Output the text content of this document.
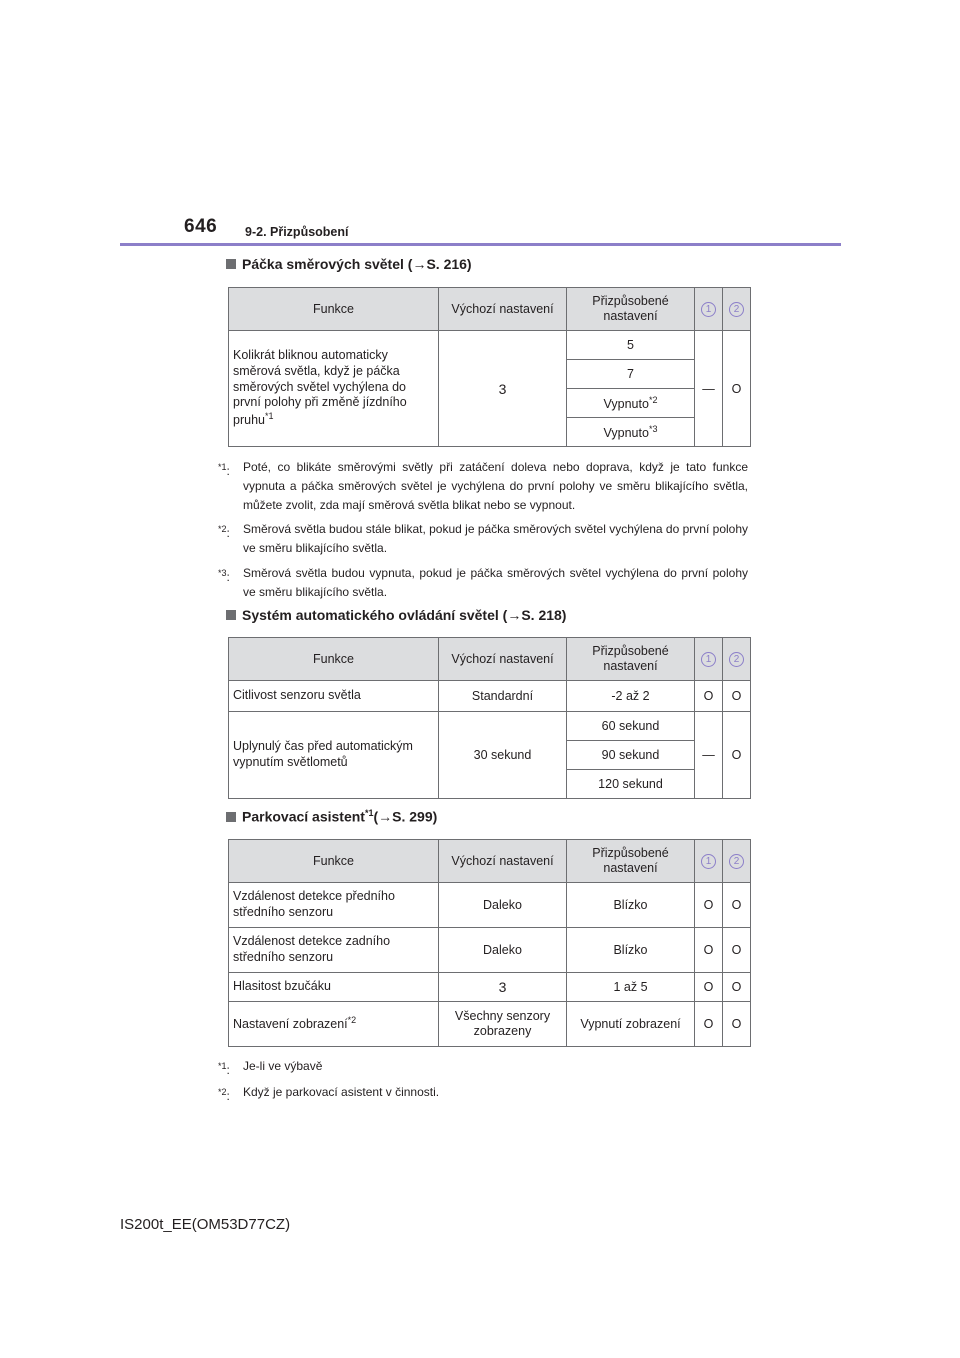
646 9-2. Přizpůsobení
Páčka směrových světel (→S. 216)
Funkce	Výchozí nastavení	Přizpůsobené nastavení	1	2
Kolikrát bliknou automaticky směrová světla, když je páčka směrových světel vychýlena do první polohy při změně jízdního pruhu$^{*1}$	3	5	—	O
		7		
		Vypnuto$^{*2}$
		Vypnuto$^{*3}$
$^{*1}$: Poté, co blikáte směrovými světly při zatáčení doleva nebo doprava, když je tato funkce vypnuta a páčka směrových světel je vychýlena do první polohy ve směru blikajícího světla, můžete zvolit, zda mají směrová světla blikat nebo se vypnout.
$^{*2}$: Směrová světla budou stále blikat, pokud je páčka směrových světel vychýlena do první polohy ve směru blikajícího světla.
$^{*3}$: Směrová světla budou vypnuta, pokud je páčka směrových světel vychýlena do první polohy ve směru blikajícího světla.
Systém automatického ovládání světel (→S. 218)
Funkce	Výchozí nastavení	Přizpůsobené nastavení	1	2
Citlivost senzoru světla	Standardní	-2 až 2	O	O
Uplynulý čas před automatickým vypnutím světlometů	30 sekund	60 sekund	—	O
		90 sekund		
		120 sekund		
Parkovací asistent$^{*1}$(→S. 299)
Funkce	Výchozí nastavení	Přizpůsobené nastavení	1	2
Vzdálenost detekce předního středního senzoru	Daleko	Blízko	O	O
Vzdálenost detekce zadního středního senzoru	Daleko	Blízko	O	O
Hlasitost bzučáku	3	1 až 5	O	O
Nastavení zobrazení$^{*2}$	Všechny senzory zobrazeny	Vypnutí zobrazení	O	O
$^{*1}$: Je-li ve výbavě
$^{*2}$: Když je parkovací asistent v činnosti.
IS200t_EE(OM53D77CZ)
